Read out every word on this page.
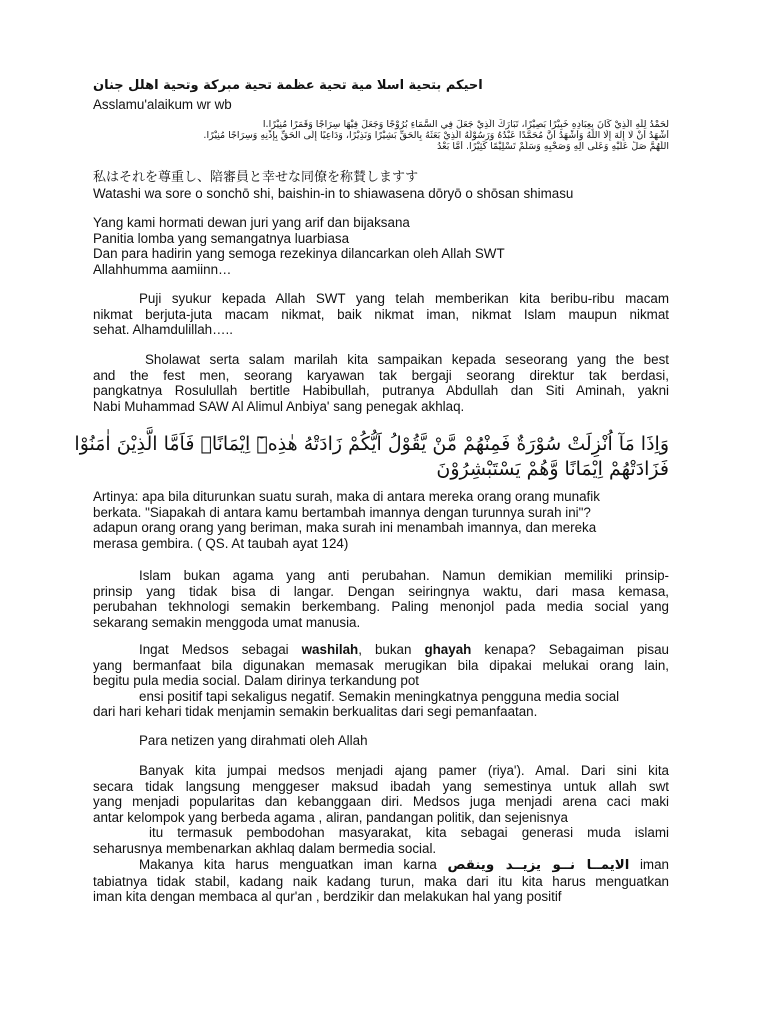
احيكم بتحية اسلا مية تحية عظمة تحية مبركة وتحية اهلل جنان
Asslamu'alaikum wr wb
لْحَمْدُ لِلّٰهِ الَّذِيْ كَانَ بِعِبَادِهِ خَبِيْرًا بَصِيْرًا، تَبَارَكَ الَّذِيْ جَعَلَ فِي السَّمَاءِ بُرُوْجًا وَجَعَلَ فِيْهَا سِرَاجًا وَقَمَرًا مُنِيْرًا.ا
أَشْهَدُ أَنْ لَا إِلٰهَ إِلَّا اللّٰهُ وَأَشْهَدُ أَنَّ مُحَمَّدًا عَبْدُهُ وَرَسُوْلُهُ الَّذِيْ بَعَثَهُ بِالْحَقِّ بَشِيْرًا وَنَذِيْرًا، وَدَاعِيًا إِلَى الْحَقِّ بِإِذْنِهِ وَسِرَاجًا مُنِيْرًا.
اللّٰهُمَّ صَلِّ عَلَيْهِ وَعَلَى آلِهِ وَصَحْبِهِ وَسَلِّمْ تَسْلِيْمًا كَثِيْرًا. أَمَّا بَعْدُ
私はそれを尊重し、陪審員と幸せな同僚を称賛しますす
Watashi wa sore o sonchō shi, baishin-in to shiawasena dōryō o shōsan shimasu
Yang kami hormati dewan juri yang arif dan bijaksana
Panitia lomba yang semangatnya luarbiasa
Dan para hadirin yang semoga rezekinya dilancarkan oleh Allah SWT
Allahhumma aamiinn…
Puji syukur kepada Allah SWT yang telah memberikan kita beribu-ribu macam
nikmat berjuta-juta macam nikmat, baik nikmat iman, nikmat Islam maupun nikmat
sehat. Alhamdulillah…..
Sholawat serta salam marilah kita sampaikan kepada seseorang yang the best
and the fest men, seorang karyawan tak bergaji seorang direktur tak berdasi,
pangkatnya Rosulullah bertitle Habibullah, putranya Abdullah dan Siti Aminah, yakni
Nabi Muhammad SAW Al Alimul Anbiya' sang penegak akhlaq.
وَاِذَا مَآ اُنْزِلَتْ سُوْرَةٌ فَمِنْهُمْ مَّنْ يَّقُوْلُ اَيُّكُمْ زَادَتْهُ هٰذِهٖٓ اِيْمَانًاۚ فَاَمَّا الَّذِيْنَ اٰمَنُوْا
فَزَادَتْهُمْ اِيْمَانًا وَّهُمْ يَسْتَبْشِرُوْنَ
Artinya: apa bila diturunkan suatu surah, maka di antara mereka orang orang munafik
berkata. "Siapakah di antara kamu bertambah imannya dengan turunnya surah ini"?
adapun orang orang yang beriman, maka surah ini menambah imannya, dan mereka
merasa gembira. ( QS. At taubah ayat 124)
Islam bukan agama yang anti perubahan. Namun demikian memiliki prinsip-
prinsip yang tidak bisa di langar. Dengan seiringnya waktu, dari masa kemasa,
perubahan tekhnologi semakin berkembang. Paling menonjol pada media social yang
sekarang semakin menggoda umat manusia.
Ingat Medsos sebagai washilah, bukan ghayah kenapa? Sebagaiman pisau
yang bermanfaat bila digunakan memasak merugikan bila dipakai melukai orang lain,
begitu pula media social. Dalam dirinya terkandung pot
ensi positif tapi sekaligus negatif. Semakin meningkatnya pengguna media social
dari hari kehari tidak menjamin semakin berkualitas dari segi pemanfaatan.
Para netizen yang dirahmati oleh Allah
Banyak kita jumpai medsos menjadi ajang pamer (riya'). Amal. Dari sini kita
secara tidak langsung menggeser maksud ibadah yang semestinya untuk allah swt
yang menjadi popularitas dan kebanggaan diri. Medsos juga menjadi arena caci maki
antar kelompok yang berbeda agama , aliran, pandangan politik, dan sejenisnya
itu termasuk pembodohan masyarakat, kita sebagai generasi muda islami
seharusnya membenarkan akhlaq dalam bermedia social.
Makanya kita harus menguatkan iman karna الايمــا نــو يزيــد وينقص iman
tabiatnya tidak stabil, kadang naik kadang turun, maka dari itu kita harus menguatkan
iman kita dengan membaca al qur'an , berdzikir dan melakukan hal yang positif
